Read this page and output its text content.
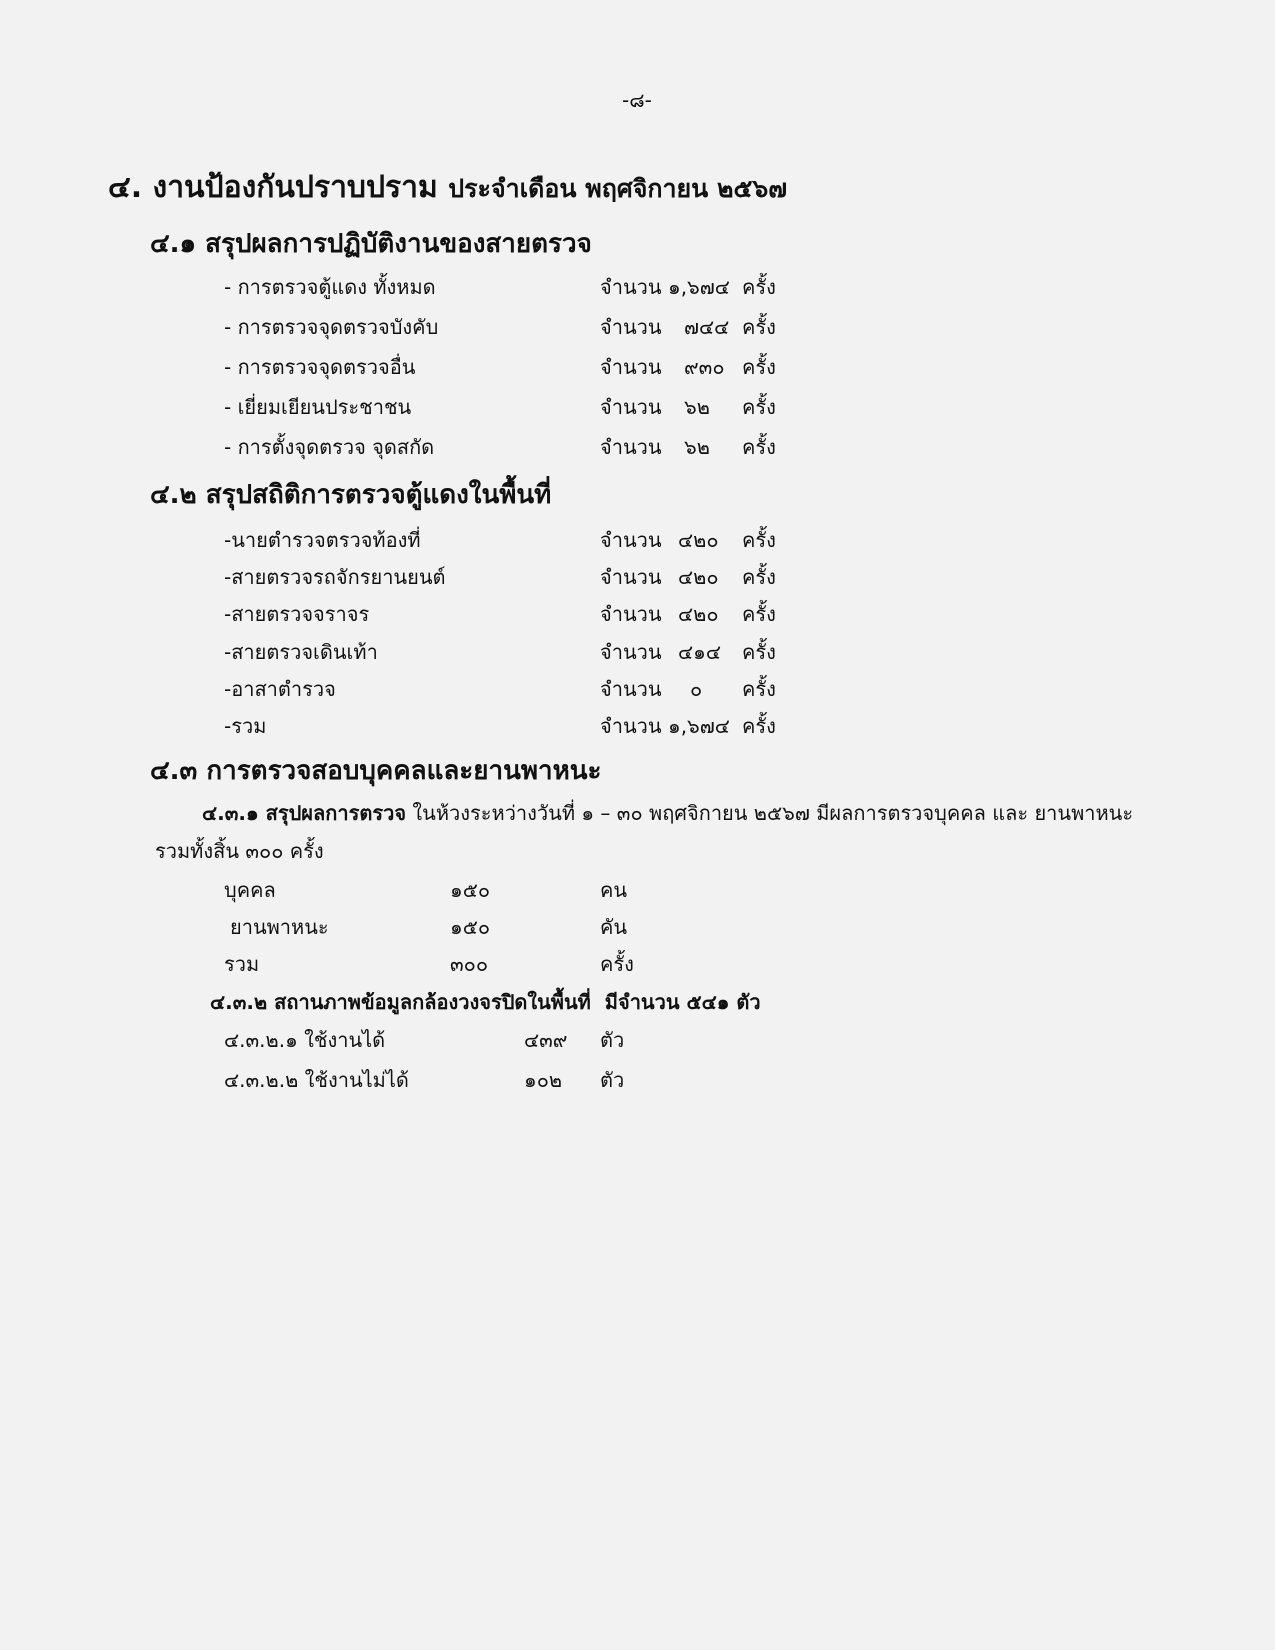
-๘-
๔. งานป้องกันปราบปราม ประจำเดือน พฤศจิกายน ๒๕๖๗
๔.๑ สรุปผลการปฏิบัติงานของสายตรวจ
- การตรวจตู้แดง ทั้งหมด	จำนวน ๑,๖๗๔ ครั้ง
- การตรวจจุดตรวจบังคับ	จำนวน ๗๔๔ ครั้ง
- การตรวจจุดตรวจอื่น	จำนวน ๙๓๐ ครั้ง
- เยี่ยมเยียนประชาชน	จำนวน ๖๒ ครั้ง
- การตั้งจุดตรวจ จุดสกัด	จำนวน ๖๒ ครั้ง
๔.๒ สรุปสถิติการตรวจตู้แดงในพื้นที่
-นายตำรวจตรวจท้องที่	จำนวน ๔๒๐ ครั้ง
-สายตรวจรถจักรยานยนต์	จำนวน ๔๒๐ ครั้ง
-สายตรวจจราจร	จำนวน ๔๒๐ ครั้ง
-สายตรวจเดินเท้า	จำนวน ๔๑๔ ครั้ง
-อาสาตำรวจ	จำนวน ๐ ครั้ง
-รวม	จำนวน ๑,๖๗๔ ครั้ง
๔.๓ การตรวจสอบบุคคลและยานพาหนะ
๔.๓.๑ สรุปผลการตรวจ ในห้วงระหว่างวันที่ ๑ – ๓๐ พฤศจิกายน ๒๕๖๗ มีผลการตรวจบุคคล และ ยานพาหนะ
รวมทั้งสิ้น ๓๐๐ ครั้ง
บุคคล	๑๕๐	คน
ยานพาหนะ	๑๕๐	คัน
รวม	๓๐๐	ครั้ง
๔.๓.๒ สถานภาพข้อมูลกล้องวงจรปิดในพื้นที่ มีจำนวน ๕๔๑ ตัว
๔.๓.๒.๑ ใช้งานได้	๔๓๙ ตัว
๔.๓.๒.๒ ใช้งานไม่ได้	๑๐๒ ตัว
